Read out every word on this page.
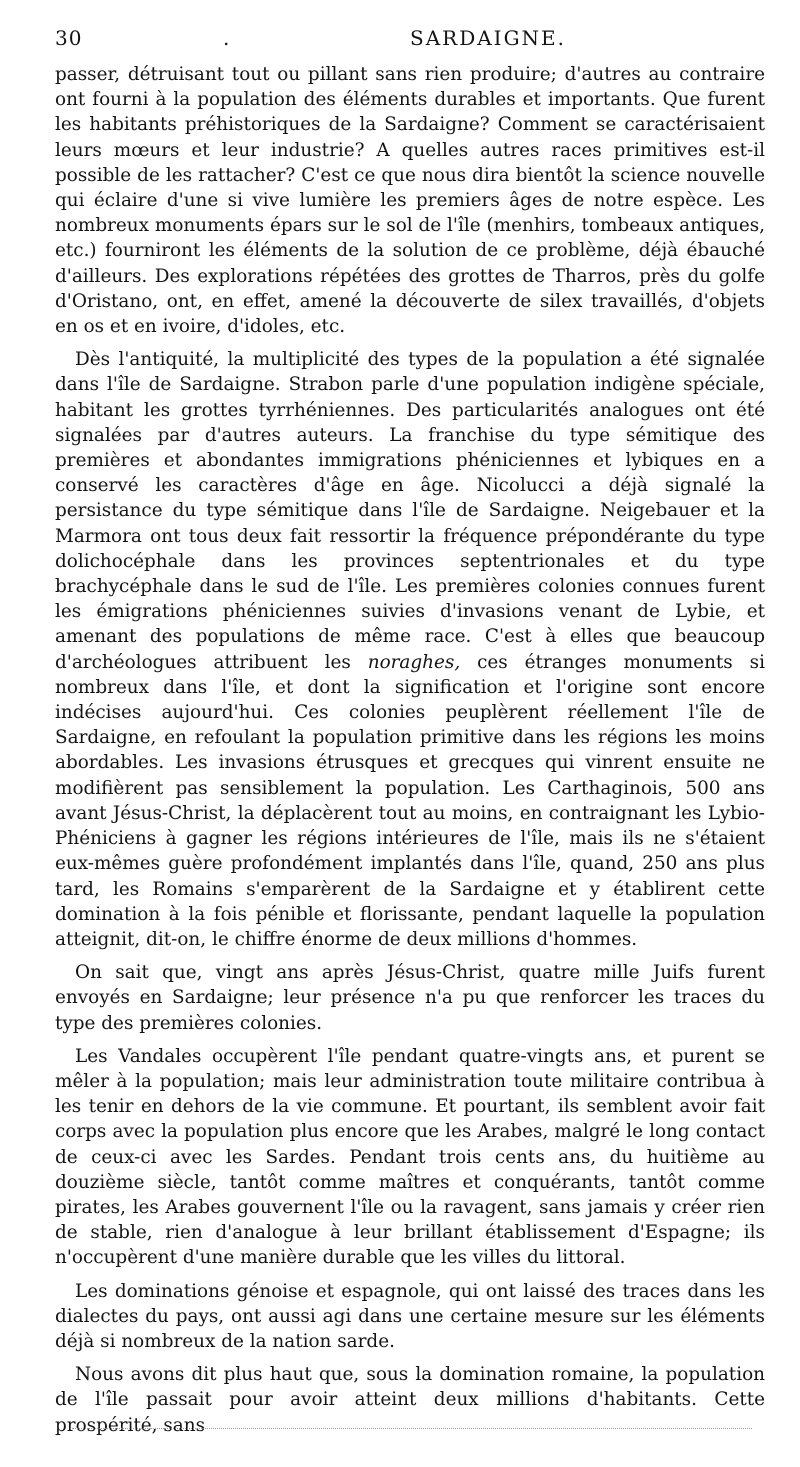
30	.	SARDAIGNE.

passer, détruisant tout ou pillant sans rien produire; d'autres au contraire ont fourni à la population des éléments durables et importants. Que furent les habitants préhistoriques de la Sardaigne? Comment se caractérisaient leurs mœurs et leur industrie? A quelles autres races primitives est-il possible de les rattacher? C'est ce que nous dira bientôt la science nouvelle qui éclaire d'une si vive lumière les premiers âges de notre espèce. Les nombreux monuments épars sur le sol de l'île (menhirs, tombeaux antiques, etc.) fourniront les éléments de la solution de ce problème, déjà ébauché d'ailleurs. Des explorations répétées des grottes de Tharros, près du golfe d'Oristano, ont, en effet, amené la découverte de silex travaillés, d'objets en os et en ivoire, d'idoles, etc.

Dès l'antiquité, la multiplicité des types de la population a été signalée dans l'île de Sardaigne. Strabon parle d'une population indigène spéciale, habitant les grottes tyrrhéniennes. Des particularités analogues ont été signalées par d'autres auteurs. La franchise du type sémitique des premières et abondantes immigrations phéniciennes et lybiques en a conservé les caractères d'âge en âge. Nicolucci a déjà signalé la persistance du type sémitique dans l'île de Sardaigne. Neigebauer et la Marmora ont tous deux fait ressortir la fréquence prépondérante du type dolichocéphale dans les provinces septentrionales et du type brachycéphale dans le sud de l'île. Les premières colonies connues furent les émigrations phéniciennes suivies d'invasions venant de Lybie, et amenant des populations de même race. C'est à elles que beaucoup d'archéologues attribuent les noraghes, ces étranges monuments si nombreux dans l'île, et dont la signification et l'origine sont encore indécises aujourd'hui. Ces colonies peuplèrent réellement l'île de Sardaigne, en refoulant la population primitive dans les régions les moins abordables. Les invasions étrusques et grecques qui vinrent ensuite ne modifièrent pas sensiblement la population. Les Carthaginois, 500 ans avant Jésus-Christ, la déplacèrent tout au moins, en contraignant les Lybio-Phéniciens à gagner les régions intérieures de l'île, mais ils ne s'étaient eux-mêmes guère profondément implantés dans l'île, quand, 250 ans plus tard, les Romains s'emparèrent de la Sardaigne et y établirent cette domination à la fois pénible et florissante, pendant laquelle la population atteignit, dit-on, le chiffre énorme de deux millions d'hommes.

On sait que, vingt ans après Jésus-Christ, quatre mille Juifs furent envoyés en Sardaigne; leur présence n'a pu que renforcer les traces du type des premières colonies.

Les Vandales occupèrent l'île pendant quatre-vingts ans, et purent se mêler à la population; mais leur administration toute militaire contribua à les tenir en dehors de la vie commune. Et pourtant, ils semblent avoir fait corps avec la population plus encore que les Arabes, malgré le long contact de ceux-ci avec les Sardes. Pendant trois cents ans, du huitième au douzième siècle, tantôt comme maîtres et conquérants, tantôt comme pirates, les Arabes gouvernent l'île ou la ravagent, sans jamais y créer rien de stable, rien d'analogue à leur brillant établissement d'Espagne; ils n'occupèrent d'une manière durable que les villes du littoral.

Les dominations génoise et espagnole, qui ont laissé des traces dans les dialectes du pays, ont aussi agi dans une certaine mesure sur les éléments déjà si nombreux de la nation sarde.

Nous avons dit plus haut que, sous la domination romaine, la population de l'île passait pour avoir atteint deux millions d'habitants. Cette prospérité, sans
